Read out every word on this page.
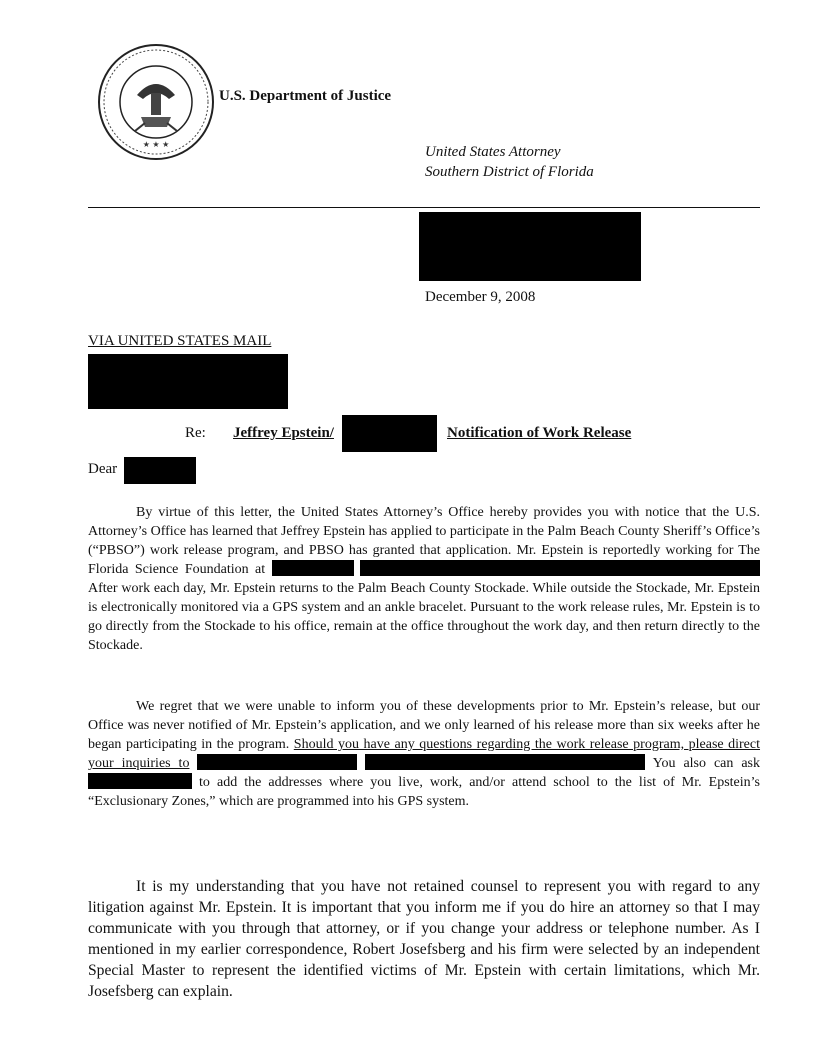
★ ★ ★
U.S. Department of Justice
United States Attorney
Southern District of Florida
December 9, 2008
VIA UNITED STATES MAIL
Re: Jeffrey Epstein/	Notification of Work Release
Dear
By virtue of this letter, the United States Attorney’s Office hereby provides you with notice that the U.S. Attorney’s Office has learned that Jeffrey Epstein has applied to participate in the Palm Beach County Sheriff’s Office’s (“PBSO”) work release program, and PBSO has granted that application. Mr. Epstein is reportedly working for The Florida Science Foundation at   After work each day, Mr. Epstein returns to the Palm Beach County Stockade. While outside the Stockade, Mr. Epstein is electronically monitored via a GPS system and an ankle bracelet. Pursuant to the work release rules, Mr. Epstein is to go directly from the Stockade to his office, remain at the office throughout the work day, and then return directly to the Stockade.
We regret that we were unable to inform you of these developments prior to Mr. Epstein’s release, but our Office was never notified of Mr. Epstein’s application, and we only learned of his release more than six weeks after he began participating in the program. Should you have any questions regarding the work release program, please direct your inquiries to	You also can ask  to add the addresses where you live, work, and/or attend school to the list of Mr. Epstein’s “Exclusionary Zones,” which are programmed into his GPS system.
It is my understanding that you have not retained counsel to represent you with regard to any litigation against Mr. Epstein. It is important that you inform me if you do hire an attorney so that I may communicate with you through that attorney, or if you change your address or telephone number. As I mentioned in my earlier correspondence, Robert Josefsberg and his firm were selected by an independent Special Master to represent the identified victims of Mr. Epstein with certain limitations, which Mr. Josefsberg can explain.
